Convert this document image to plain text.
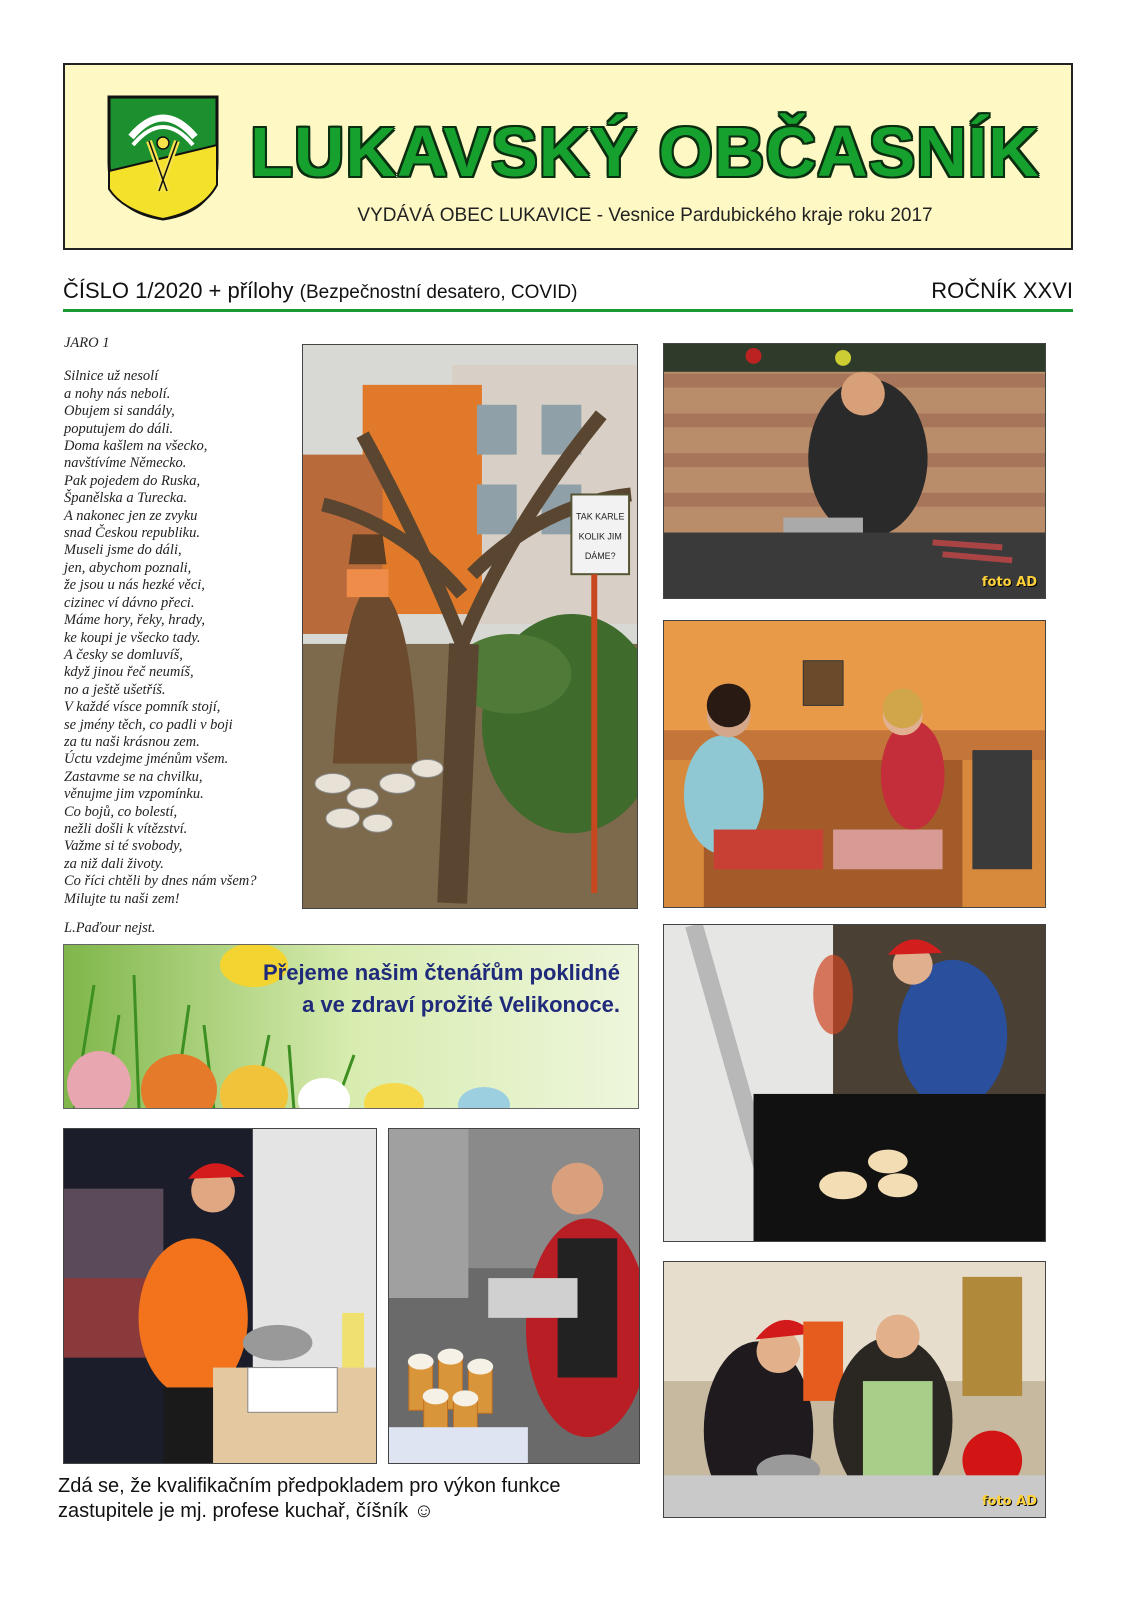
LUKAVSKÝ OBČASNÍK
VYDÁVÁ OBEC LUKAVICE - Vesnice Pardubického kraje roku 2017
ČÍSLO 1/2020 + přílohy (Bezpečnostní desatero, COVID)	ROČNÍK XXVI
JARO 1
Silnice už nesolí
a nohy nás nebolí.
Obujem si sandály,
poputujem do dáli.
Doma kašlem na všecko,
navštívíme Německo.
Pak pojedem do Ruska,
Španělska a Turecka.
A nakonec jen ze zvyku
snad Českou republiku.
Museli jsme do dáli,
jen, abychom poznali,
že jsou u nás hezké věci,
cizinec ví dávno přeci.
Máme hory, řeky, hrady,
ke koupi je všecko tady.
A česky se domluvíš,
když jinou řeč neumíš,
no a ještě ušetříš.
V každé vísce pomník stojí,
se jmény těch, co padli v boji
za tu naši krásnou zem.
Úctu vzdejme jménům všem.
Zastavme se na chvilku,
věnujme jim vzpomínku.
Co bojů, co bolestí,
nežli došli k vítězství.
Važme si té svobody,
za niž dali životy.
Co říci chtěli by dnes nám všem?
Milujte tu naši zem!
L.Paďour nejst.
TAK KARLE
KOLIK JIM
DÁME?
foto AD
Přejeme našim čtenářům poklidné
a ve zdraví prožité Velikonoce.
foto AD
Zdá se, že kvalifikačním předpokladem pro výkon funkce
zastupitele je mj. profese kuchař, číšník ☺
